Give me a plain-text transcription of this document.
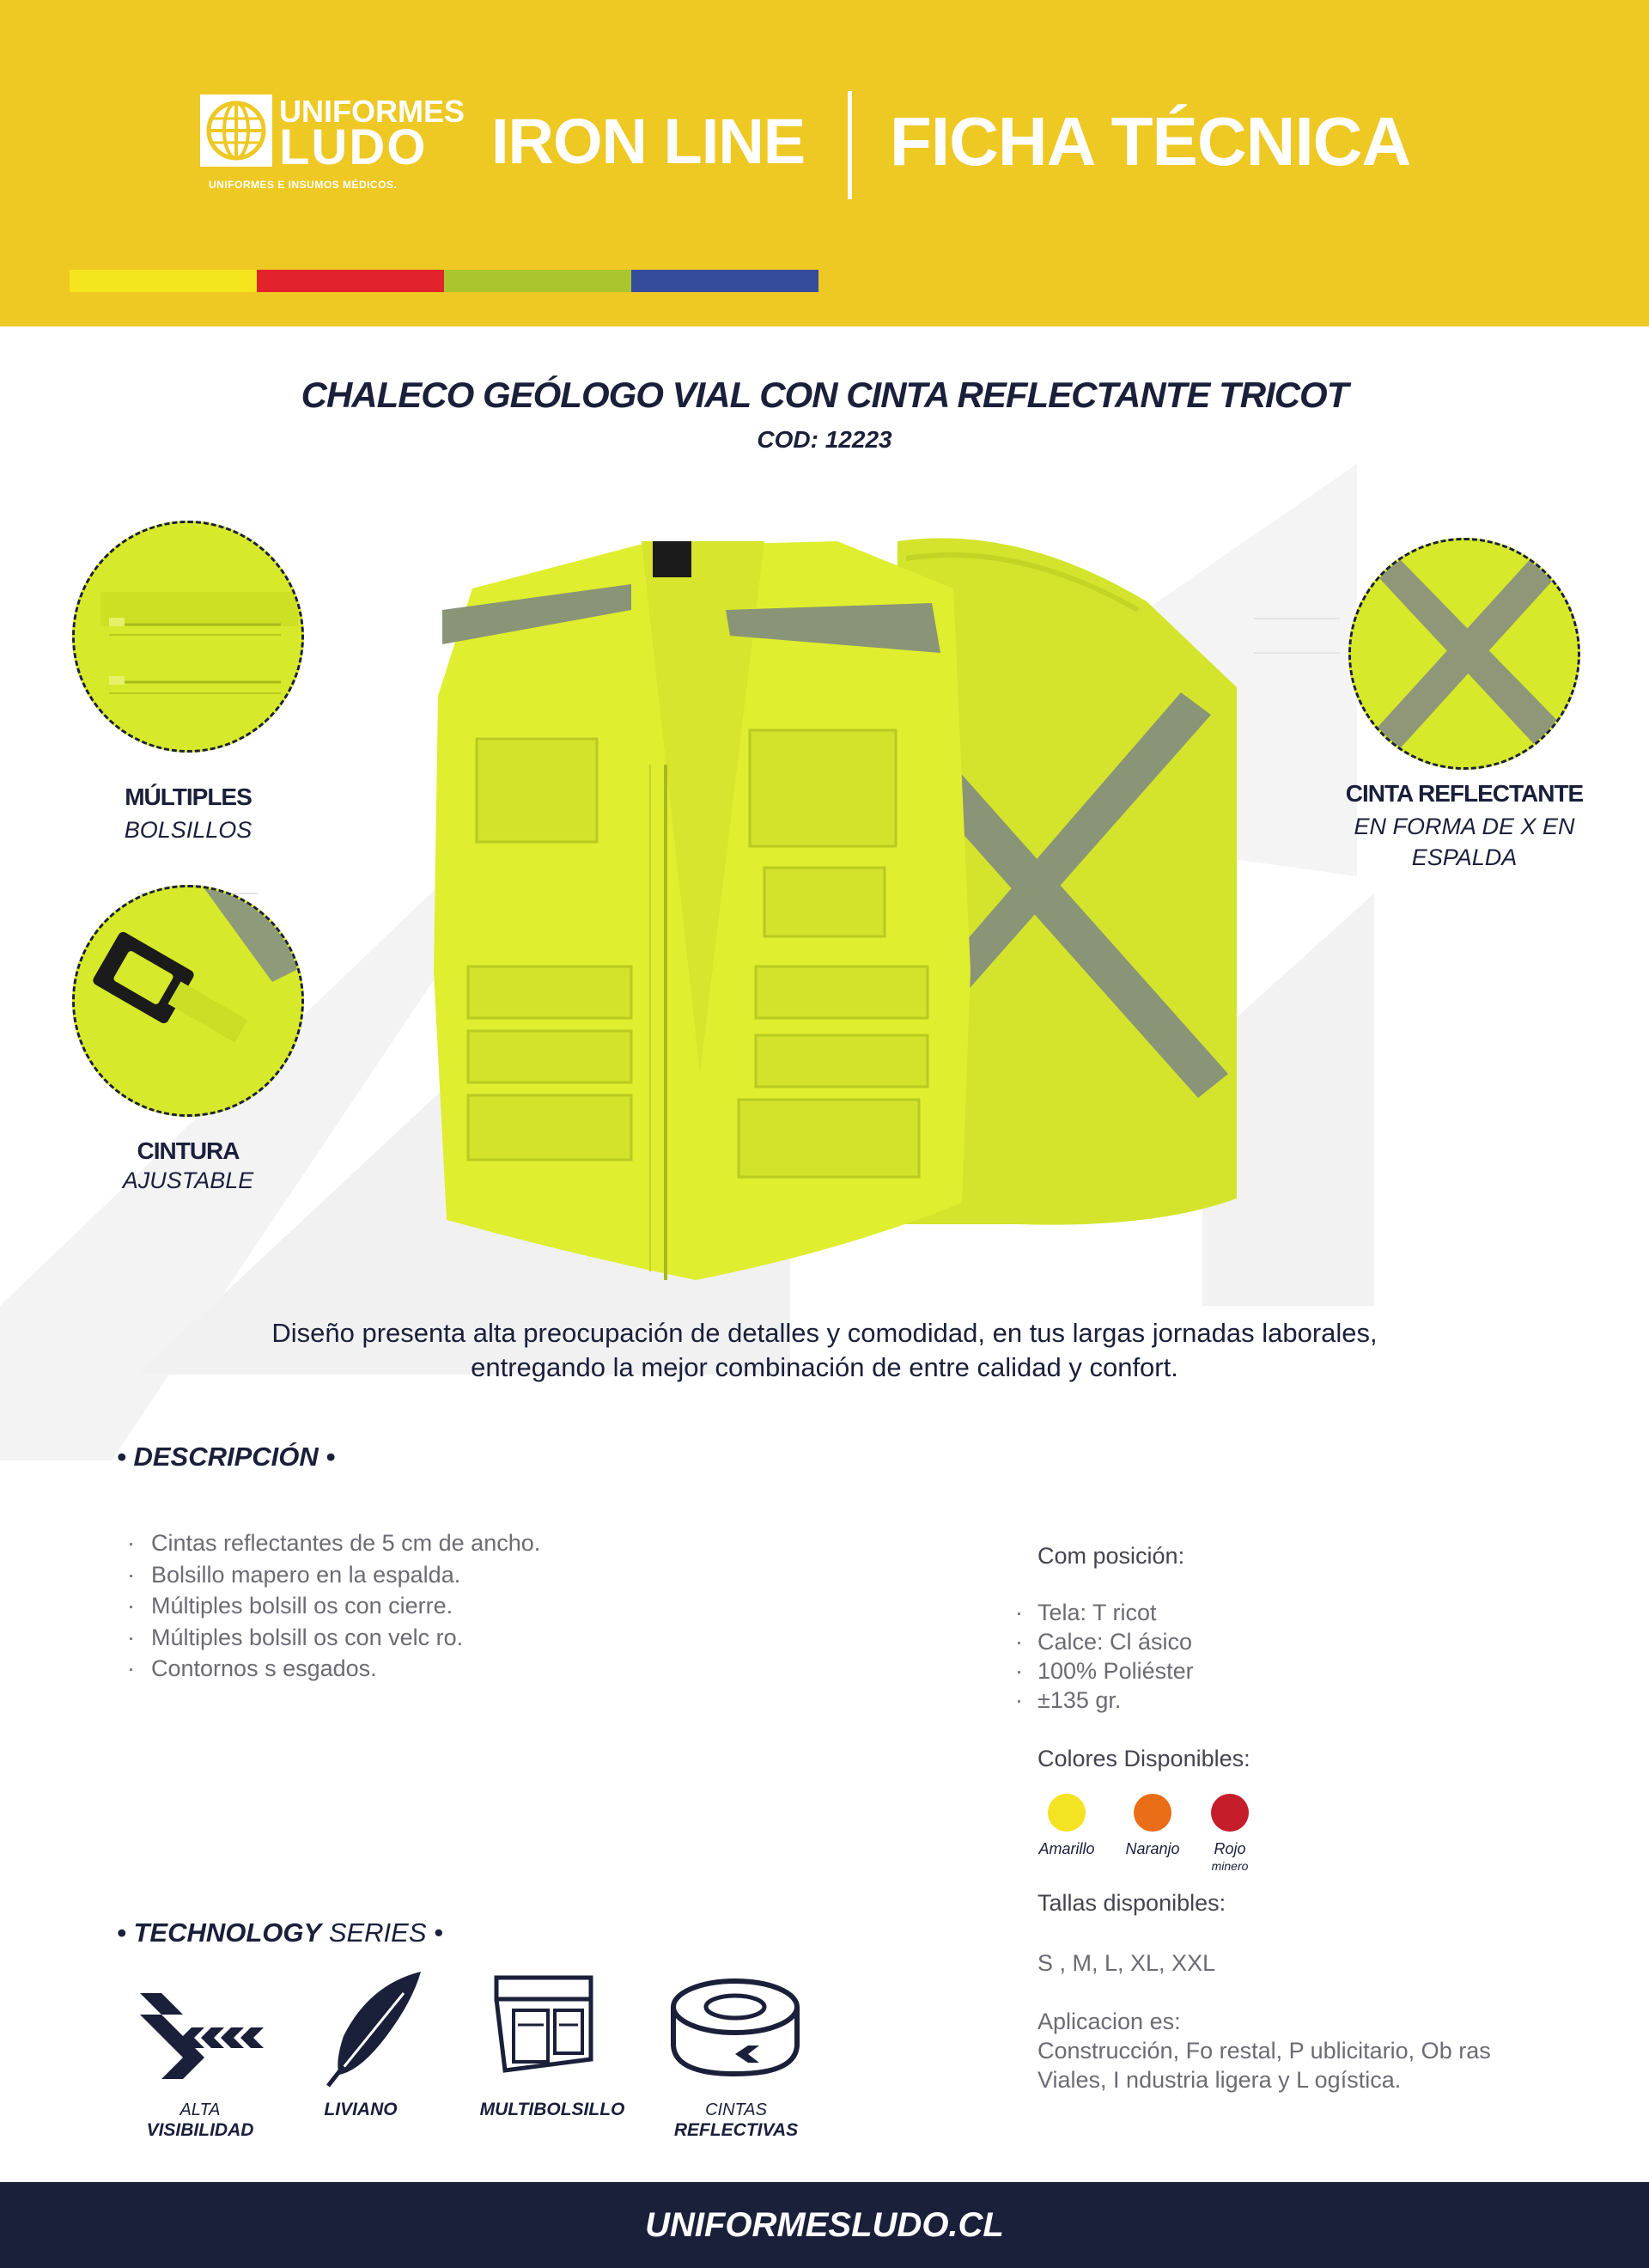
UNIFORMES
LUDO
UNIFORMES E INSUMOS MÉDICOS.
IRON LINE FICHA TÉCNICA
CHALECO GEÓLOGO VIAL CON CINTA REFLECTANTE TRICOT
COD: 12223
MÚLTIPLES
BOLSILLOS
CINTURA
AJUSTABLE
CINTA REFLECTANTE
EN FORMA DE X EN
ESPALDA
Diseño presenta alta preocupación de detalles y comodidad, en tus largas jornadas laborales,
entregando la mejor combinación de entre calidad y confort.
• DESCRIPCIÓN •
· Cintas reflectantes de 5 cm de ancho.
· Bolsillo mapero en la espalda.
· Múltiples bolsill os con cierre.
· Múltiples bolsill os con velc ro.
· Contornos s esgados.
Com posición:
· Tela: T ricot
· Calce: Cl ásico
· 100% Poliéster
· ±135 gr.
Colores Disponibles:
Amarillo	Naranjo	Rojo
minero
Tallas disponibles:
S , M, L, XL, XXL
Aplicacion es:
Construcción, Fo restal, P ublicitario, Ob ras
Viales, I ndustria ligera y L ogística.
• TECHNOLOGY SERIES •
ALTA
VISIBILIDAD
LIVIANO	MULTIBOLSILLO	CINTAS
REFLECTIVAS
UNIFORMESLUDO.CL
